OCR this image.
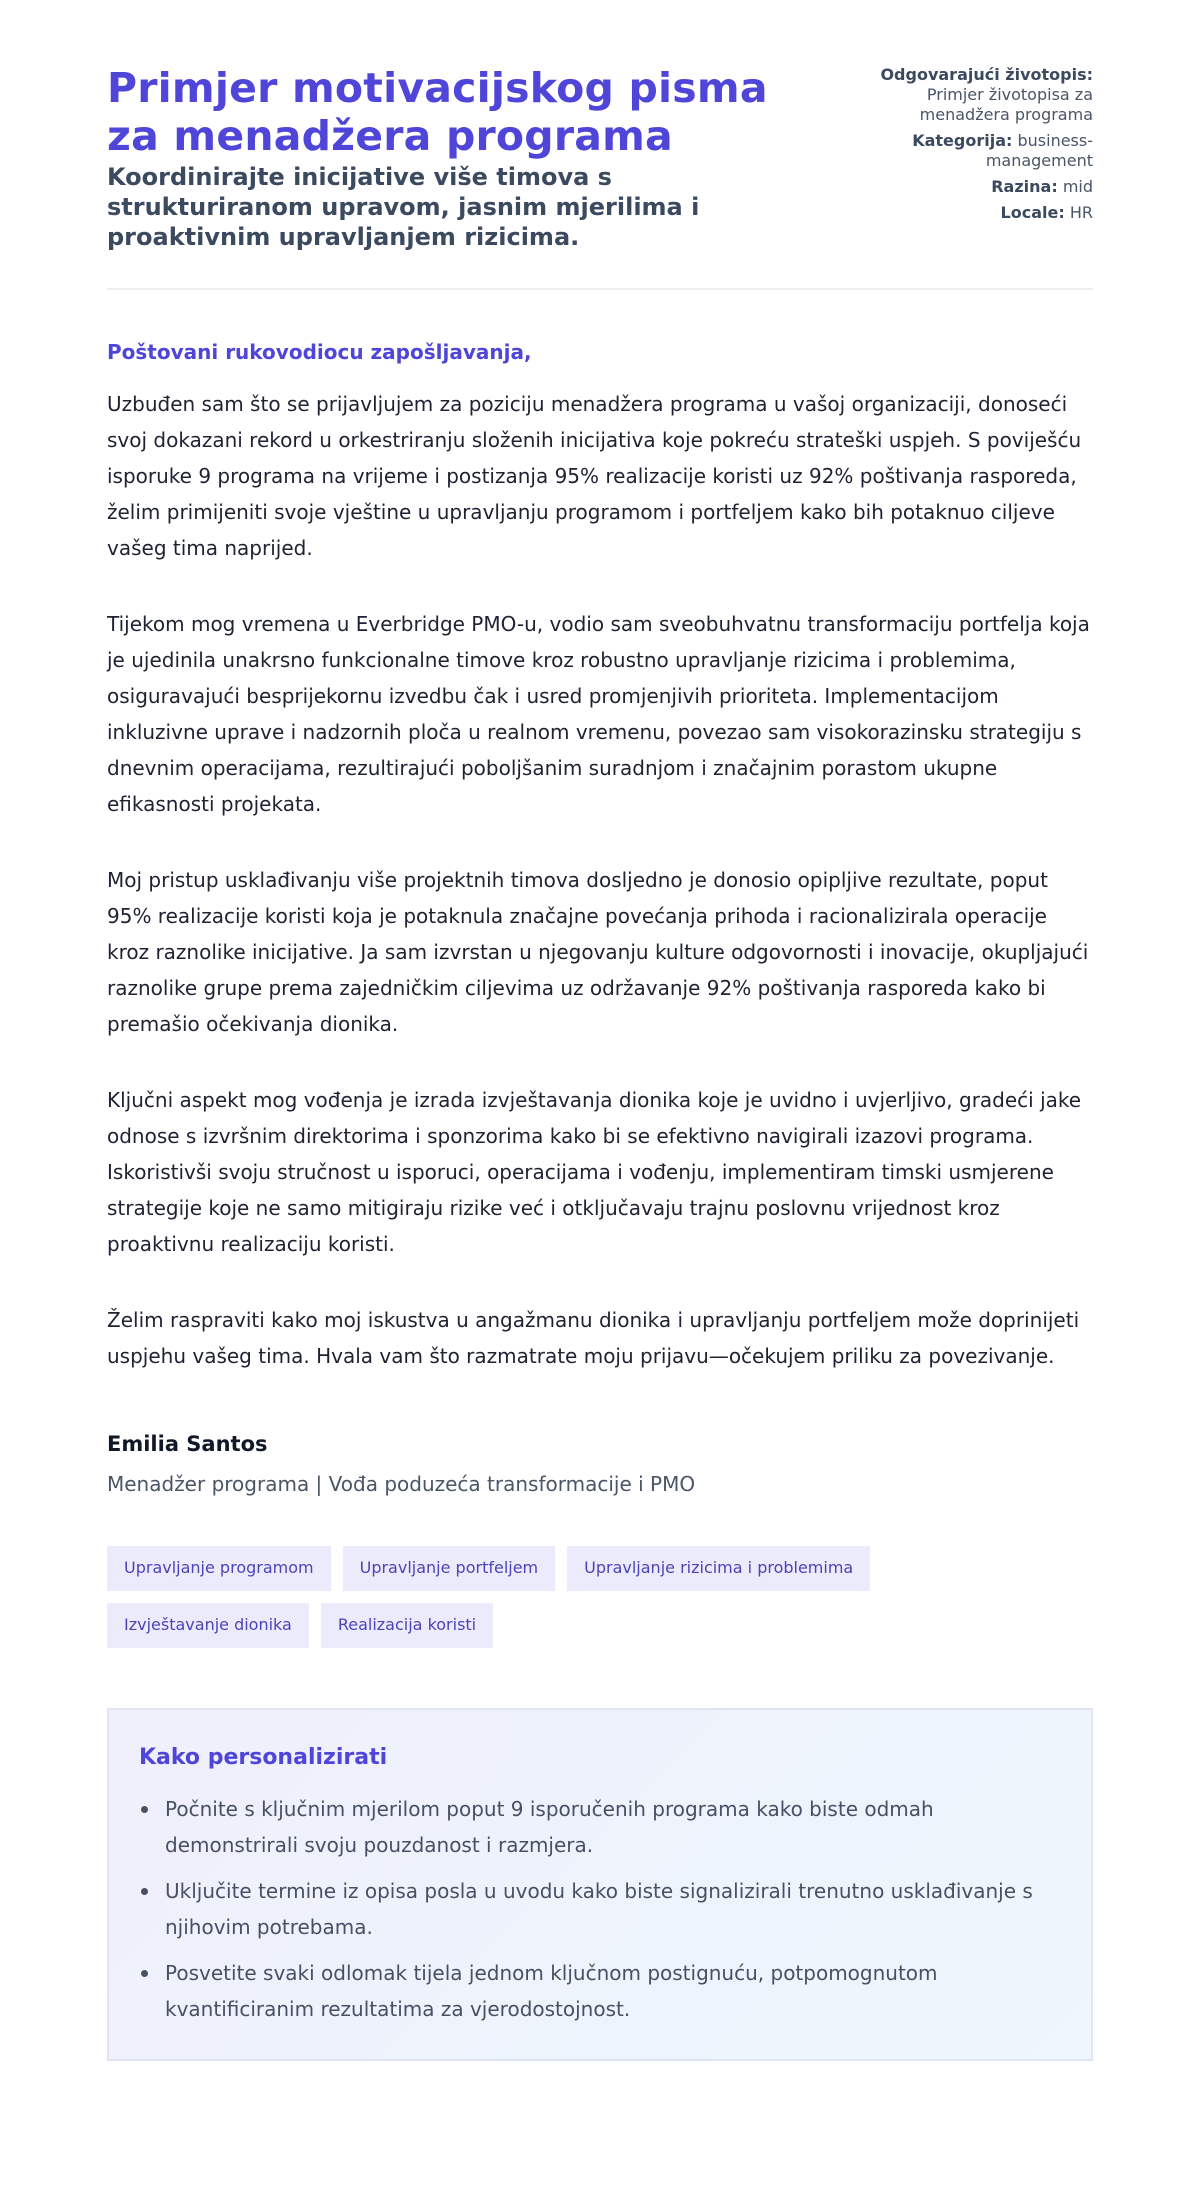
Primjer motivacijskog pisma za menadžera programa
Koordinirajte inicijative više timova s strukturiranom upravom, jasnim mjerilima i proaktivnim upravljanjem rizicima.
Odgovarajući životopis: Primjer životopisa za menadžera programa
Kategorija: business-management
Razina: mid
Locale: HR

Poštovani rukovodiocu zapošljavanja,

Uzbuđen sam što se prijavljujem za poziciju menadžera programa u vašoj organizaciji, donoseći svoj dokazani rekord u orkestriranju složenih inicijativa koje pokreću strateški uspjeh. S poviješću isporuke 9 programa na vrijeme i postizanja 95% realizacije koristi uz 92% poštivanja rasporeda, želim primijeniti svoje vještine u upravljanju programom i portfeljem kako bih potaknuo ciljeve vašeg tima naprijed.

Tijekom mog vremena u Everbridge PMO-u, vodio sam sveobuhvatnu transformaciju portfelja koja je ujedinila unakrsno funkcionalne timove kroz robustno upravljanje rizicima i problemima, osiguravajući besprijekornu izvedbu čak i usred promjenjivih prioriteta. Implementacijom inkluzivne uprave i nadzornih ploča u realnom vremenu, povezao sam visokorazinsku strategiju s dnevnim operacijama, rezultirajući poboljšanim suradnjom i značajnim porastom ukupne efikasnosti projekata.

Moj pristup usklađivanju više projektnih timova dosljedno je donosio opipljive rezultate, poput 95% realizacije koristi koja je potaknula značajne povećanja prihoda i racionalizirala operacije kroz raznolike inicijative. Ja sam izvrstan u njegovanju kulture odgovornosti i inovacije, okupljajući raznolike grupe prema zajedničkim ciljevima uz održavanje 92% poštivanja rasporeda kako bi premašio očekivanja dionika.

Ključni aspekt mog vođenja je izrada izvještavanja dionika koje je uvidno i uvjerljivo, gradeći jake odnose s izvršnim direktorima i sponzorima kako bi se efektivno navigirali izazovi programa. Iskoristivši svoju stručnost u isporuci, operacijama i vođenju, implementiram timski usmjerene strategije koje ne samo mitigiraju rizike već i otključavaju trajnu poslovnu vrijednost kroz proaktivnu realizaciju koristi.

Želim raspraviti kako moj iskustva u angažmanu dionika i upravljanju portfeljem može doprinijeti uspjehu vašeg tima. Hvala vam što razmatrate moju prijavu—očekujem priliku za povezivanje.

Emilia Santos

Menadžer programa | Vođa poduzeća transformacije i PMO

Upravljanje programom	Upravljanje portfeljem	Upravljanje rizicima i problemima
Izvještavanje dionika	Realizacija koristi
Kako personalizirati
Počnite s ključnim mjerilom poput 9 isporučenih programa kako biste odmah demonstrirali svoju pouzdanost i razmjera.
Uključite termine iz opisa posla u uvodu kako biste signalizirali trenutno usklađivanje s njihovim potrebama.
Posvetite svaki odlomak tijela jednom ključnom postignuću, potpomognutom kvantificiranim rezultatima za vjerodostojnost.
